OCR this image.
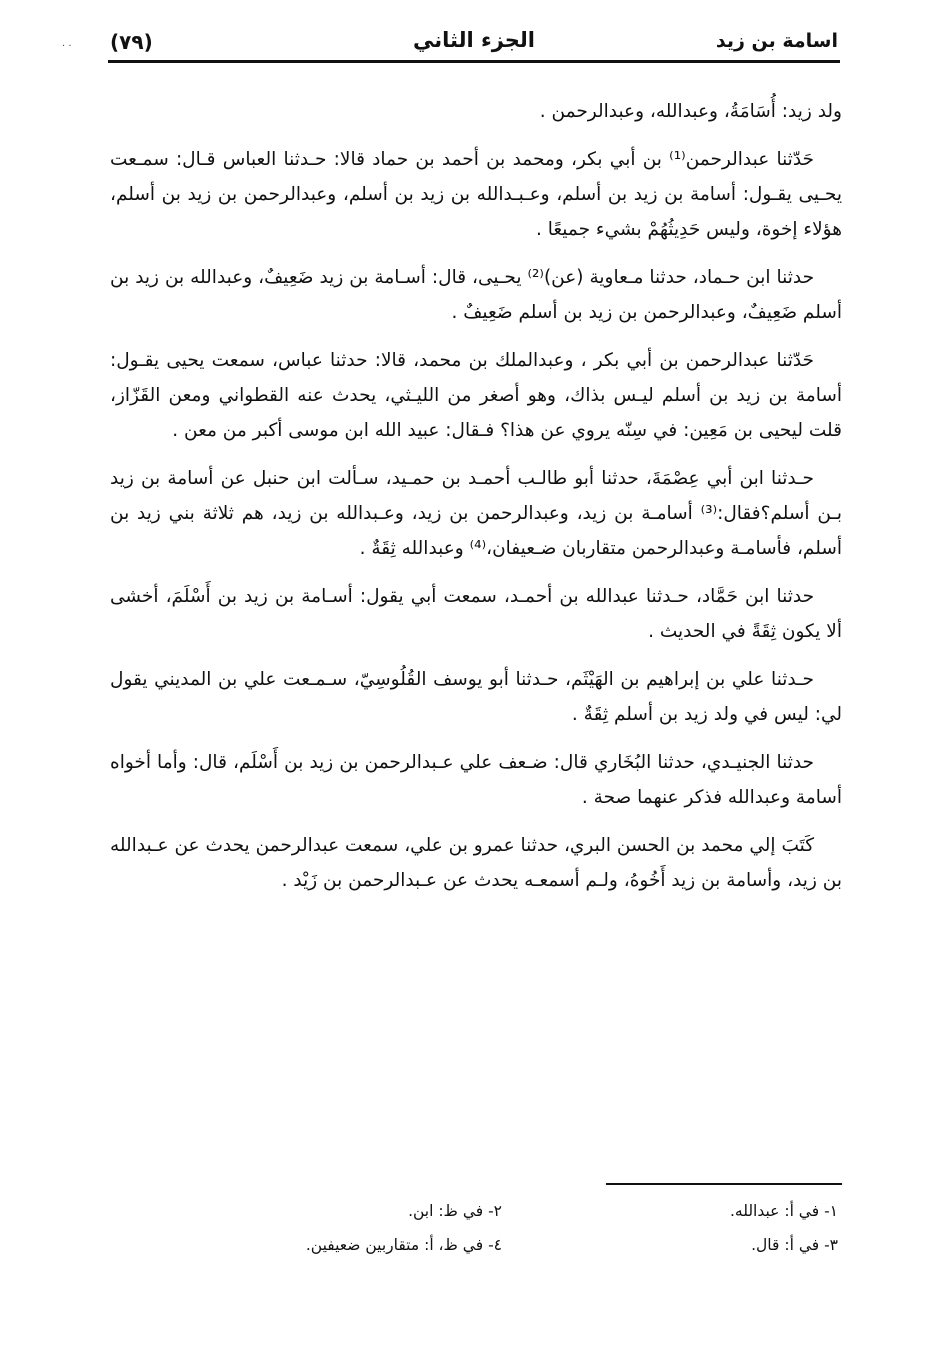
. .	اسامة بن زيد
الجزء الثاني
(٧٩)

ولد زيد: أُسَامَةُ، وعبدالله، وعبدالرحمن .

حَدّثنا عبدالرحمن⁽¹⁾ بن أبي بكر، ومحمد بن أحمد بن حماد قالا: حـدثنا العباس قـال: سمـعت يحـيى يقـول: أسامة بن زيد بن أسلم، وعـبـدالله بن زيد بن أسلم، وعبدالرحمن بن زيد بن أسلم، هؤلاء إخوة، وليس حَدِيثُهُمْ بشيء جميعًا .

حدثنا ابن حـماد، حدثنا مـعاوية (عن)⁽²⁾ يحـيى، قال: أسـامة بن زيد ضَعِيفٌ، وعبدالله بن زيد بن أسلم ضَعِيفٌ، وعبدالرحمن بن زيد بن أسلم ضَعِيفٌ .

حَدّثنا عبدالرحمن بن أبي بكر ، وعبدالملك بن محمد، قالا: حدثنا عباس، سمعت يحيى يقـول: أسامة بن زيد بن أسلم ليـس بذاك، وهو أصغر من الليـثي، يحدث عنه القطواني ومعن القَزّاز، قلت ليحيى بن مَعِين: في سِنّه يروي عن هذا؟ فـقال: عبيد الله ابن موسى أكبر من معن .

حـدثنا ابن أبي عِصْمَةَ، حدثنا أبو طالـب أحمـد بن حمـيد، سـألت ابن حنبل عن أسامة بن زيد بـن أسلم؟فقال:⁽³⁾ أسامـة بن زيد، وعبدالرحمن بن زيد، وعـبدالله بن زيد، هم ثلاثة بني زيد بن أسلم، فأسامـة وعبدالرحمن متقاربان ضـعيفان،⁽⁴⁾ وعبدالله ثِقَةٌ .

حدثنا ابن حَمَّاد، حـدثنا عبدالله بن أحمـد، سمعت أبي يقول: أسـامة بن زيد بن أَسْلَمَ، أخشى ألا يكون ثِقَةً في الحديث .

حـدثنا علي بن إبراهيم بن الهَيْثَم، حـدثنا أبو يوسف القُلُوسِيّ، سـمـعت علي بن المديني يقول لي: ليس في ولد زيد بن أسلم ثِقَةٌ .

حدثنا الجنيـدي، حدثنا البُخَاري قال: ضـعف علي عـبدالرحمن بن زيد بن أَسْلَم، قال: وأما أخواه أسامة وعبدالله فذكر عنهما صحة .

كَتَبَ إلي محمد بن الحسن البري، حدثنا عمرو بن علي، سمعت عبدالرحمن يحدث عن عـبدالله بن زيد، وأسامة بن زيد أَخُوهُ، ولـم أسمعـه يحدث عن عـبدالرحمن بن زَيْد .

١- في أ: عبدالله.
٢- في ظ: ابن.
٣- في أ: قال.
٤- في ظ، أ: متقاربين ضعيفين.
